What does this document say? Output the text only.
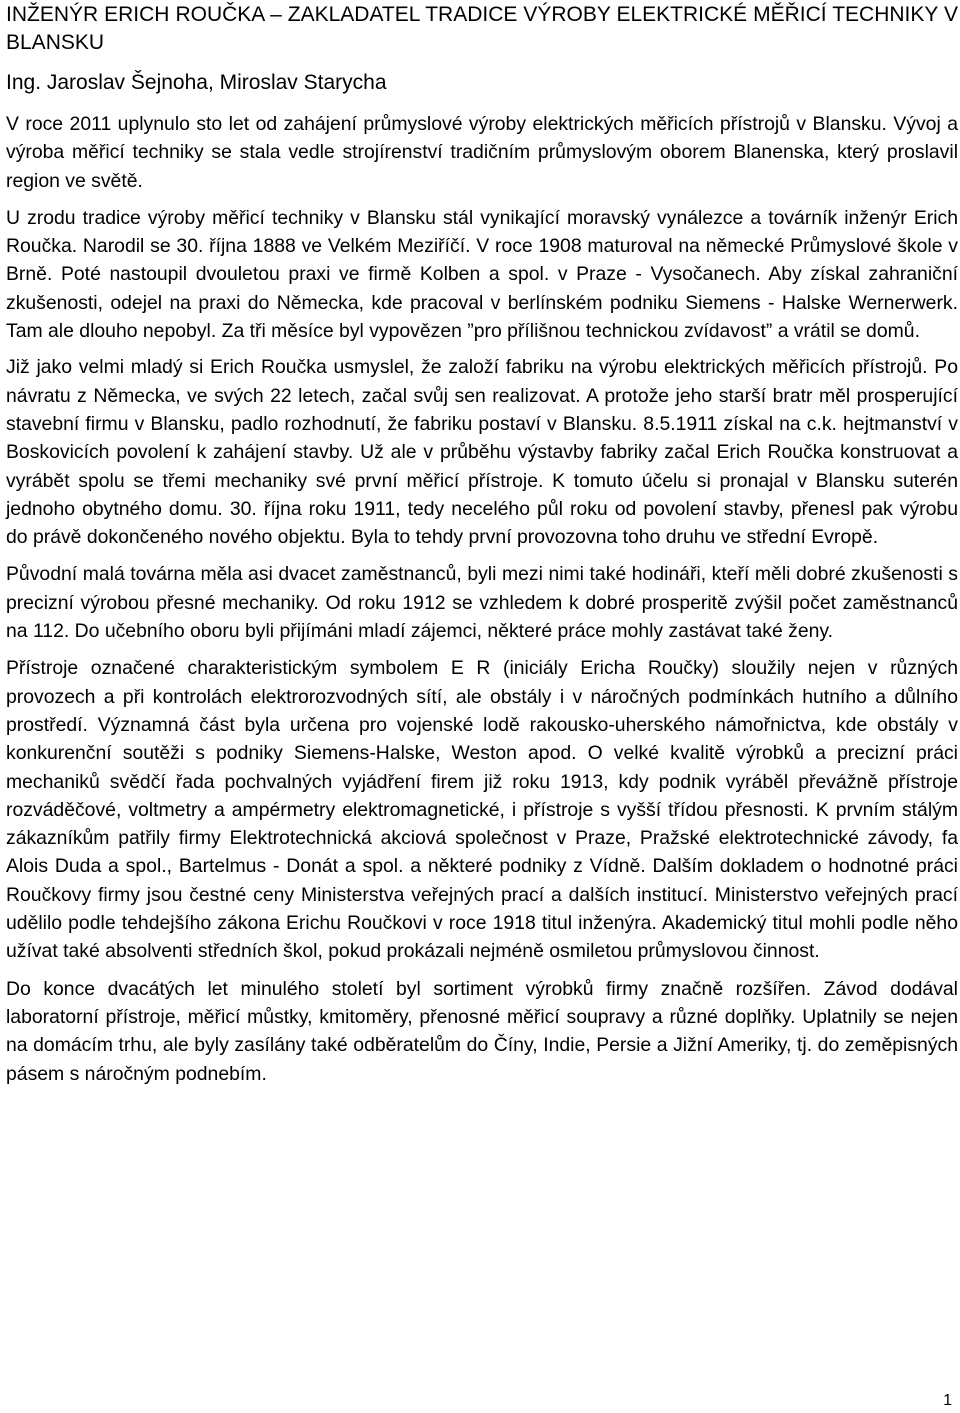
INŽENÝR ERICH ROUČKA – ZAKLADATEL TRADICE VÝROBY ELEKTRICKÉ MĚŘICÍ TECHNIKY V BLANSKU

Ing. Jaroslav Šejnoha, Miroslav Starycha

V roce 2011 uplynulo sto let od zahájení průmyslové výroby elektrických měřicích přístrojů v Blansku. Vývoj a výroba měřicí techniky se stala vedle strojírenství tradičním průmyslovým oborem Blanenska, který proslavil region ve světě.

U zrodu tradice výroby měřicí techniky v Blansku stál vynikající moravský vynálezce a továrník inženýr Erich Roučka. Narodil se 30. října 1888 ve Velkém Meziříčí. V roce 1908 maturoval na německé Průmyslové škole v Brně. Poté nastoupil dvouletou praxi ve firmě Kolben a spol. v Praze - Vysočanech. Aby získal zahraniční zkušenosti, odejel na praxi do Německa, kde pracoval v berlínském podniku Siemens - Halske Wernerwerk. Tam ale dlouho nepobyl. Za tři měsíce byl vypovězen ”pro přílišnou technickou zvídavost” a vrátil se domů.

Již jako velmi mladý si Erich Roučka usmyslel, že založí fabriku na výrobu elektrických měřicích přístrojů. Po návratu z Německa, ve svých 22 letech, začal svůj sen realizovat. A protože jeho starší bratr měl prosperující stavební firmu v Blansku, padlo rozhodnutí, že fabriku postaví v Blansku. 8.5.1911 získal na c.k. hejtmanství v Boskovicích povolení k zahájení stavby. Už ale v průběhu výstavby fabriky začal Erich Roučka konstruovat a vyrábět spolu se třemi mechaniky své první měřicí přístroje. K tomuto účelu si pronajal v Blansku suterén jednoho obytného domu. 30. října roku 1911, tedy necelého půl roku od povolení stavby, přenesl pak výrobu do právě dokončeného nového objektu. Byla to tehdy první provozovna toho druhu ve střední Evropě.

Původní malá továrna měla asi dvacet zaměstnanců, byli mezi nimi také hodináři, kteří měli dobré zkušenosti s precizní výrobou přesné mechaniky. Od roku 1912 se vzhledem k dobré prosperitě zvýšil počet zaměstnanců na 112. Do učebního oboru byli přijímáni mladí zájemci, některé práce mohly zastávat také ženy.

Přístroje označené charakteristickým symbolem E R (iniciály Ericha Roučky) sloužily nejen v různých provozech a při kontrolách elektrorozvodných sítí, ale obstály i v náročných podmínkách hutního a důlního prostředí. Významná část byla určena pro vojenské lodě rakousko-uherského námořnictva, kde obstály v konkurenční soutěži s podniky Siemens-Halske, Weston apod. O velké kvalitě výrobků a precizní práci mechaniků svědčí řada pochvalných vyjádření firem již roku 1913, kdy podnik vyráběl převážně přístroje rozváděčové, voltmetry a ampérmetry elektromagnetické, i přístroje s vyšší třídou přesnosti. K prvním stálým zákazníkům patřily firmy Elektrotechnická akciová společnost v Praze, Pražské elektrotechnické závody, fa Alois Duda a spol., Bartelmus - Donát a spol. a některé podniky z Vídně. Dalším dokladem o hodnotné práci Roučkovy firmy jsou čestné ceny Ministerstva veřejných prací a dalších institucí. Ministerstvo veřejných prací udělilo podle tehdejšího zákona Erichu Roučkovi v roce 1918 titul inženýra. Akademický titul mohli podle něho užívat také absolventi středních škol, pokud prokázali nejméně osmiletou průmyslovou činnost.

Do konce dvacátých let minulého století byl sortiment výrobků firmy značně rozšířen. Závod dodával laboratorní přístroje, měřicí můstky, kmitoměry, přenosné měřicí soupravy a různé doplňky. Uplatnily se nejen na domácím trhu, ale byly zasílány také odběratelům do Číny, Indie, Persie a Jižní Ameriky, tj. do zeměpisných pásem s náročným podnebím.

1
